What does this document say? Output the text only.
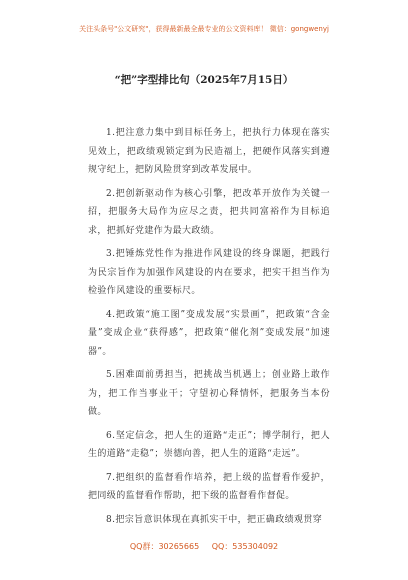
关注头条号"公文研究"，获得最新最全最专业的公文资料库！ 微信：gongwenyj
“把”字型排比句（2025年7月15日）

1.把注意力集中到目标任务上，把执行力体现在落实见效上，把政绩观锁定到为民造福上，把硬作风落实到遵规守纪上，把防风险贯穿到改革发展中。

2.把创新驱动作为核心引擎，把改革开放作为关键一招，把服务大局作为应尽之责，把共同富裕作为目标追求，把抓好党建作为最大政绩。

3.把锤炼党性作为推进作风建设的终身课题，把践行为民宗旨作为加强作风建设的内在要求，把实干担当作为检验作风建设的重要标尺。

4.把政策“施工图”变成发展“实景画”，把政策“含金量”变成企业“获得感”，把政策“催化剂”变成发展“加速器”。

5.困难面前勇担当，把挑战当机遇上；创业路上敢作为，把工作当事业干；守望初心释情怀，把服务当本份做。

6.坚定信念，把人生的道路“走正”；博学制行，把人生的道路“走稳”；崇德向善，把人生的道路“走远”。

7.把组织的监督看作培养，把上级的监督看作爱护，把同级的监督看作帮助，把下级的监督看作督促。

8.把宗旨意识体现在真抓实干中，把正确政绩观贯穿

QQ群：30265665 QQ：535304092
